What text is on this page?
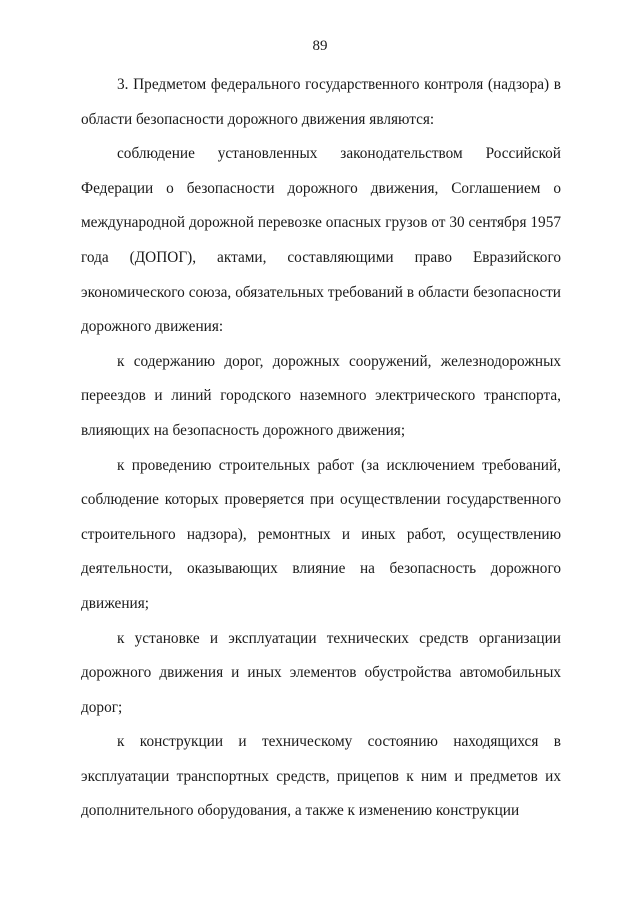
89

3. Предметом федерального государственного контроля (надзора) в области безопасности дорожного движения являются:

соблюдение установленных законодательством Российской Федерации о безопасности дорожного движения, Соглашением о международной дорожной перевозке опасных грузов от 30 сентября 1957 года (ДОПОГ), актами, составляющими право Евразийского экономического союза, обязательных требований в области безопасности дорожного движения:

к содержанию дорог, дорожных сооружений, железнодорожных переездов и линий городского наземного электрического транспорта, влияющих на безопасность дорожного движения;

к проведению строительных работ (за исключением требований, соблюдение которых проверяется при осуществлении государственного строительного надзора), ремонтных и иных работ, осуществлению деятельности, оказывающих влияние на безопасность дорожного движения;

к установке и эксплуатации технических средств организации дорожного движения и иных элементов обустройства автомобильных дорог;

к конструкции и техническому состоянию находящихся в эксплуатации транспортных средств, прицепов к ним и предметов их дополнительного оборудования, а также к изменению конструкции
